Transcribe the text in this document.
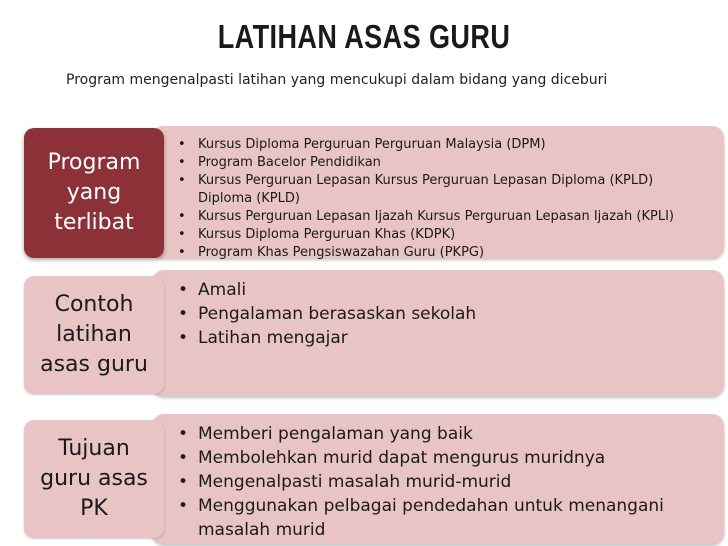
LATIHAN ASAS GURU
Program mengenalpasti latihan yang mencukupi dalam bidang yang diceburi
Program
yang
terlibat
• Kursus Diploma Perguruan Perguruan Malaysia (DPM)
• Program Bacelor Pendidikan
• Kursus Perguruan Lepasan Kursus Perguruan Lepasan Diploma (KPLD) Diploma (KPLD)
• Kursus Perguruan Lepasan Ijazah Kursus Perguruan Lepasan Ijazah (KPLI)
• Kursus Diploma Perguruan Khas (KDPK)
• Program Khas Pengsiswazahan Guru (PKPG)
Contoh
latihan
asas guru
• Amali
• Pengalaman berasaskan sekolah
• Latihan mengajar
Tujuan
guru asas
PK
• Memberi pengalaman yang baik
• Membolehkan murid dapat mengurus muridnya
• Mengenalpasti masalah murid-murid
• Menggunakan pelbagai pendedahan untuk menangani masalah murid
